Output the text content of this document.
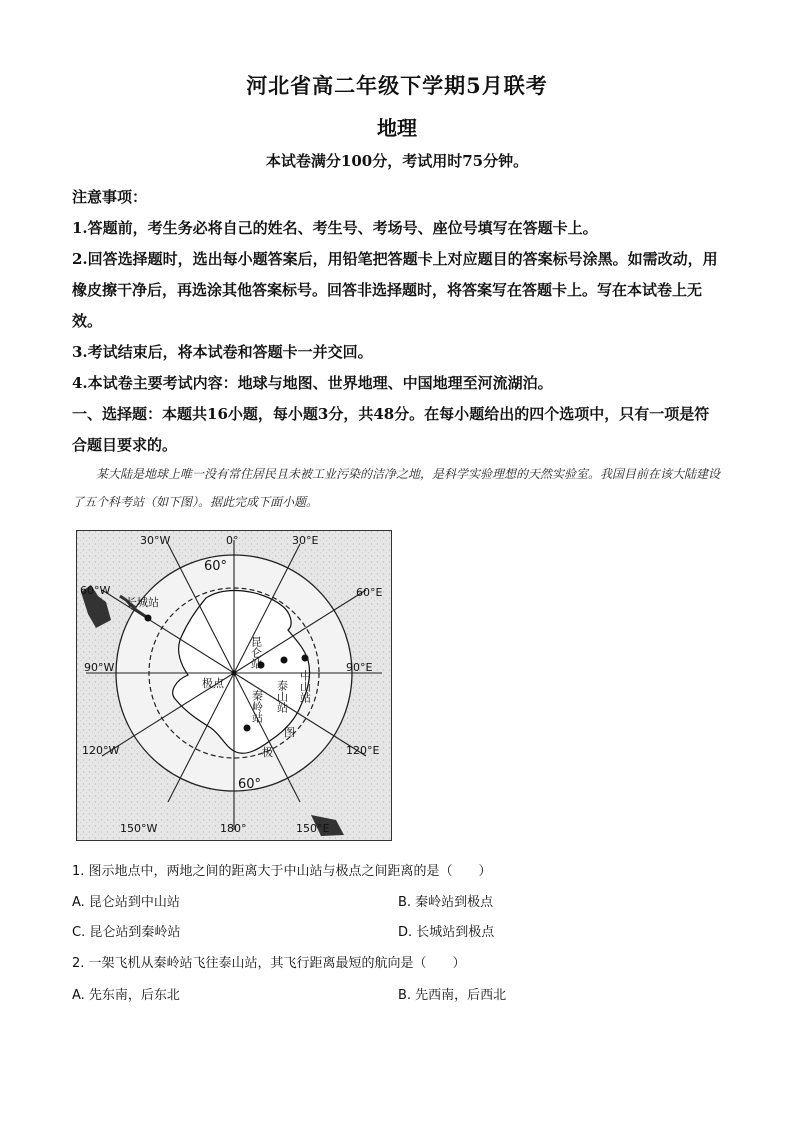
河北省高二年级下学期5月联考
地理
本试卷满分100分，考试用时75分钟。

注意事项：

1.答题前，考生务必将自己的姓名、考生号、考场号、座位号填写在答题卡上。

2.回答选择题时，选出每小题答案后，用铅笔把答题卡上对应题目的答案标号涂黑。如需改动，用橡皮擦干净后，再选涂其他答案标号。回答非选择题时，将答案写在答题卡上。写在本试卷上无效。

3.考试结束后，将本试卷和答题卡一并交回。

4.本试卷主要考试内容：地球与地图、世界地理、中国地理至河流湖泊。

一、选择题：本题共16小题，每小题3分，共48分。在每小题给出的四个选项中，只有一项是符合题目要求的。

某大陆是地球上唯一没有常住居民且未被工业污染的洁净之地，是科学实验理想的天然实验室。我国目前在该大陆建设了五个科考站（如下图）。据此完成下面小题。
0°	30°E
60°E
90°E
120°E
150°E
180°
150°W
120°W
90°W
60°W
30°W
60°
60°
长城站
昆仑站
泰山站 中山站
秦岭站
极点
图
极
1. 图示地点中，两地之间的距离大于中山站与极点之间距离的是（　　）
A. 昆仑站到中山站	B. 秦岭站到极点
C. 昆仑站到秦岭站	D. 长城站到极点
2. 一架飞机从秦岭站飞往泰山站，其飞行距离最短的航向是（　　）
A. 先东南，后东北	B. 先西南，后西北
